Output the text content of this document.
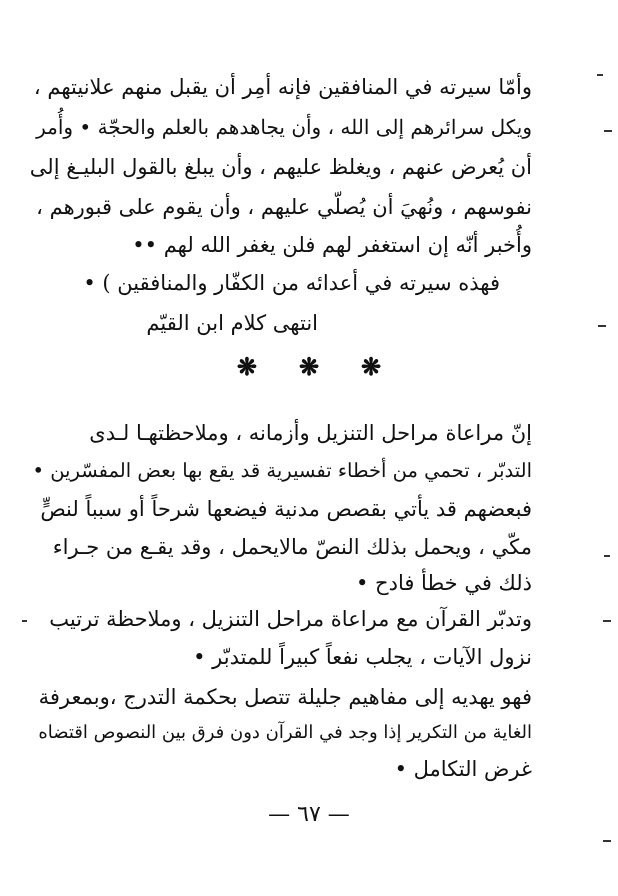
وأمّا سيرته في المنافقين فإنه أمِر أن يقبل منهم علانيتهم ،
ويكل سرائرهم إلى الله ، وأن يجاهدهم بالعلم والحجّة • وأُمر
أن يُعرض عنهم ، ويغلظ عليهم ، وأن يبلغ بالقول البليـغ إلى
نفوسهم ، ونُهيَ أن يُصلّي عليهم ، وأن يقوم على قبورهم ،
وأُخبر أنّه إن استغفر لهم فلن يغفر الله لهم ••
فهذه سيرته في أعدائه من الكفّار والمنافقين ) •
انتهى كلام ابن القيّم
❋ ❋ ❋
إنّ مراعاة مراحل التنزيل وأزمانه ، وملاحظتهـا لـدى
التدبّر ، تحمي من أخطاء تفسيرية قد يقع بها بعض المفسّرين •
فبعضهم قد يأتي بقصص مدنية فيضعها شرحاً أو سبباً لنصٍّ
مكّي ، ويحمل بذلك النصّ مالايحمل ، وقد يقـع من جـراء
ذلك في خطأ فادح •
وتدبّر القرآن مع مراعاة مراحل التنزيل ، وملاحظة ترتيب
نزول الآيات ، يجلب نفعاً كبيراً للمتدبّر •
فهو يهديه إلى مفاهيم جليلة تتصل بحكمة التدرج ،وبمعرفة
الغاية من التكرير إذا وجد في القرآن دون فرق بين النصوص اقتضاه
غرض التكامل •
— ٦٧ —
